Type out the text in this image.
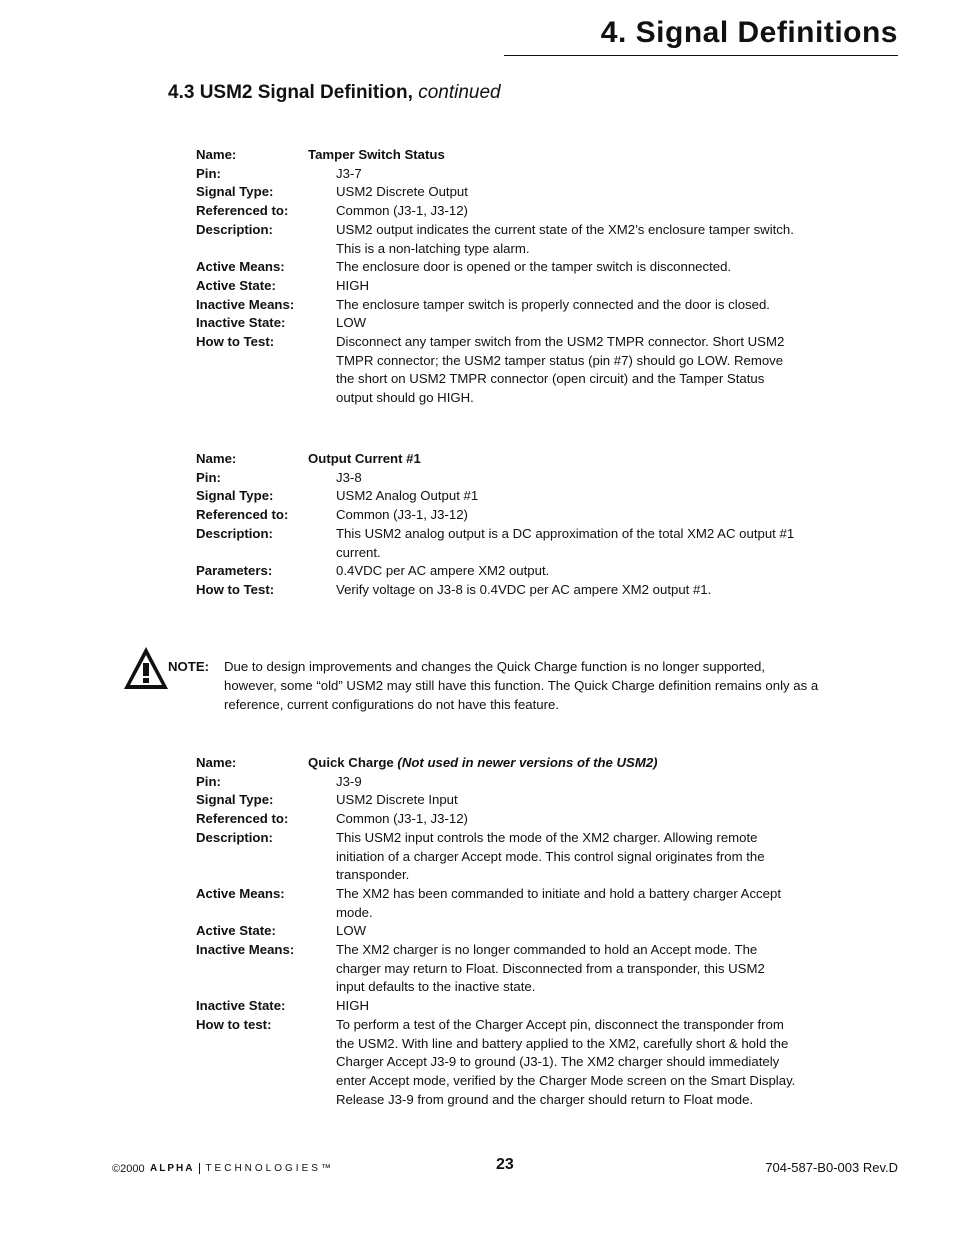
4. Signal Definitions
4.3 USM2 Signal Definition, continued
Name:	Tamper Switch Status
Pin:	J3-7
Signal Type:	USM2 Discrete Output
Referenced to:	Common (J3-1, J3-12)
Description:	USM2 output indicates the current state of the XM2’s enclosure tamper switch. This is a non-latching type alarm.
Active Means:	The enclosure door is opened or the tamper switch is disconnected.
Active State:	HIGH
Inactive Means:	The enclosure tamper switch is properly connected and the door is closed.
Inactive State:	LOW
How to Test:	Disconnect any tamper switch from the USM2 TMPR connector. Short USM2 TMPR connector; the USM2 tamper status (pin #7) should go LOW. Remove the short on USM2 TMPR connector (open circuit) and the Tamper Status output should go HIGH.
Name:	Output Current #1
Pin:	J3-8
Signal Type:	USM2 Analog Output #1
Referenced to:	Common (J3-1, J3-12)
Description:	This USM2 analog output is a DC approximation of the total XM2 AC output #1 current.
Parameters:	0.4VDC per AC ampere XM2 output.
How to Test:	Verify voltage on J3-8 is 0.4VDC per AC ampere XM2 output #1.
NOTE: Due to design improvements and changes the Quick Charge function is no longer supported, however, some “old” USM2 may still have this function. The Quick Charge definition remains only as a reference, current configurations do not have this feature.
Name:	Quick Charge (Not used in newer versions of the USM2)
Pin:	J3-9
Signal Type:	USM2 Discrete Input
Referenced to:	Common (J3-1, J3-12)
Description:	This USM2 input controls the mode of the XM2 charger. Allowing remote initiation of a charger Accept mode. This control signal originates from the transponder.
Active Means:	The XM2 has been commanded to initiate and hold a battery charger Accept mode.
Active State:	LOW
Inactive Means:	The XM2 charger is no longer commanded to hold an Accept mode. The charger may return to Float. Disconnected from a transponder, this USM2 input defaults to the inactive state.
Inactive State:	HIGH
How to test:	To perform a test of the Charger Accept pin, disconnect the transponder from the USM2. With line and battery applied to the XM2, carefully short & hold the Charger Accept J3-9 to ground (J3-1). The XM2 charger should immediately enter Accept mode, verified by the Charger Mode screen on the Smart Display. Release J3-9 from ground and the charger should return to Float mode.
©2000 ALPHA TECHNOLOGIES™	23	704-587-B0-003 Rev.D
